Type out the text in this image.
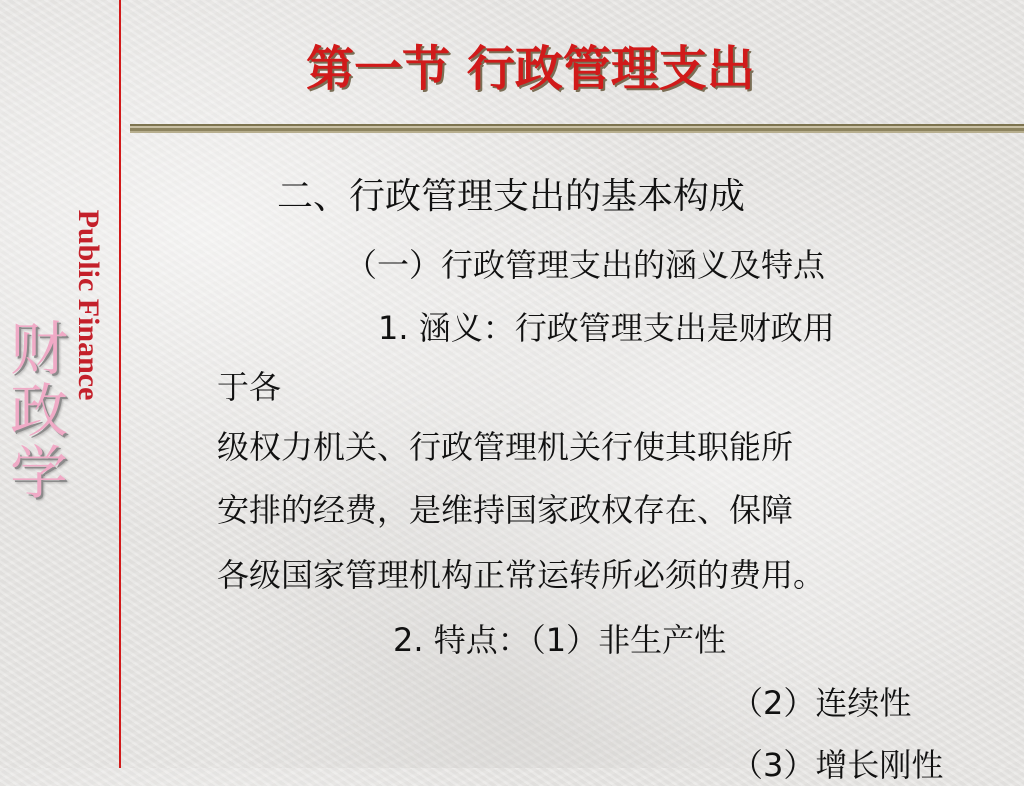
Public Finance
财
政
学
第一节 行政管理支出
二、行政管理支出的基本构成
（一）行政管理支出的涵义及特点
1. 涵义：行政管理支出是财政用
于各
级权力机关、行政管理机关行使其职能所
安排的经费，是维持国家政权存在、保障
各级国家管理机构正常运转所必须的费用。
2. 特点：（1）非生产性
（2）连续性
（3）增长刚性
